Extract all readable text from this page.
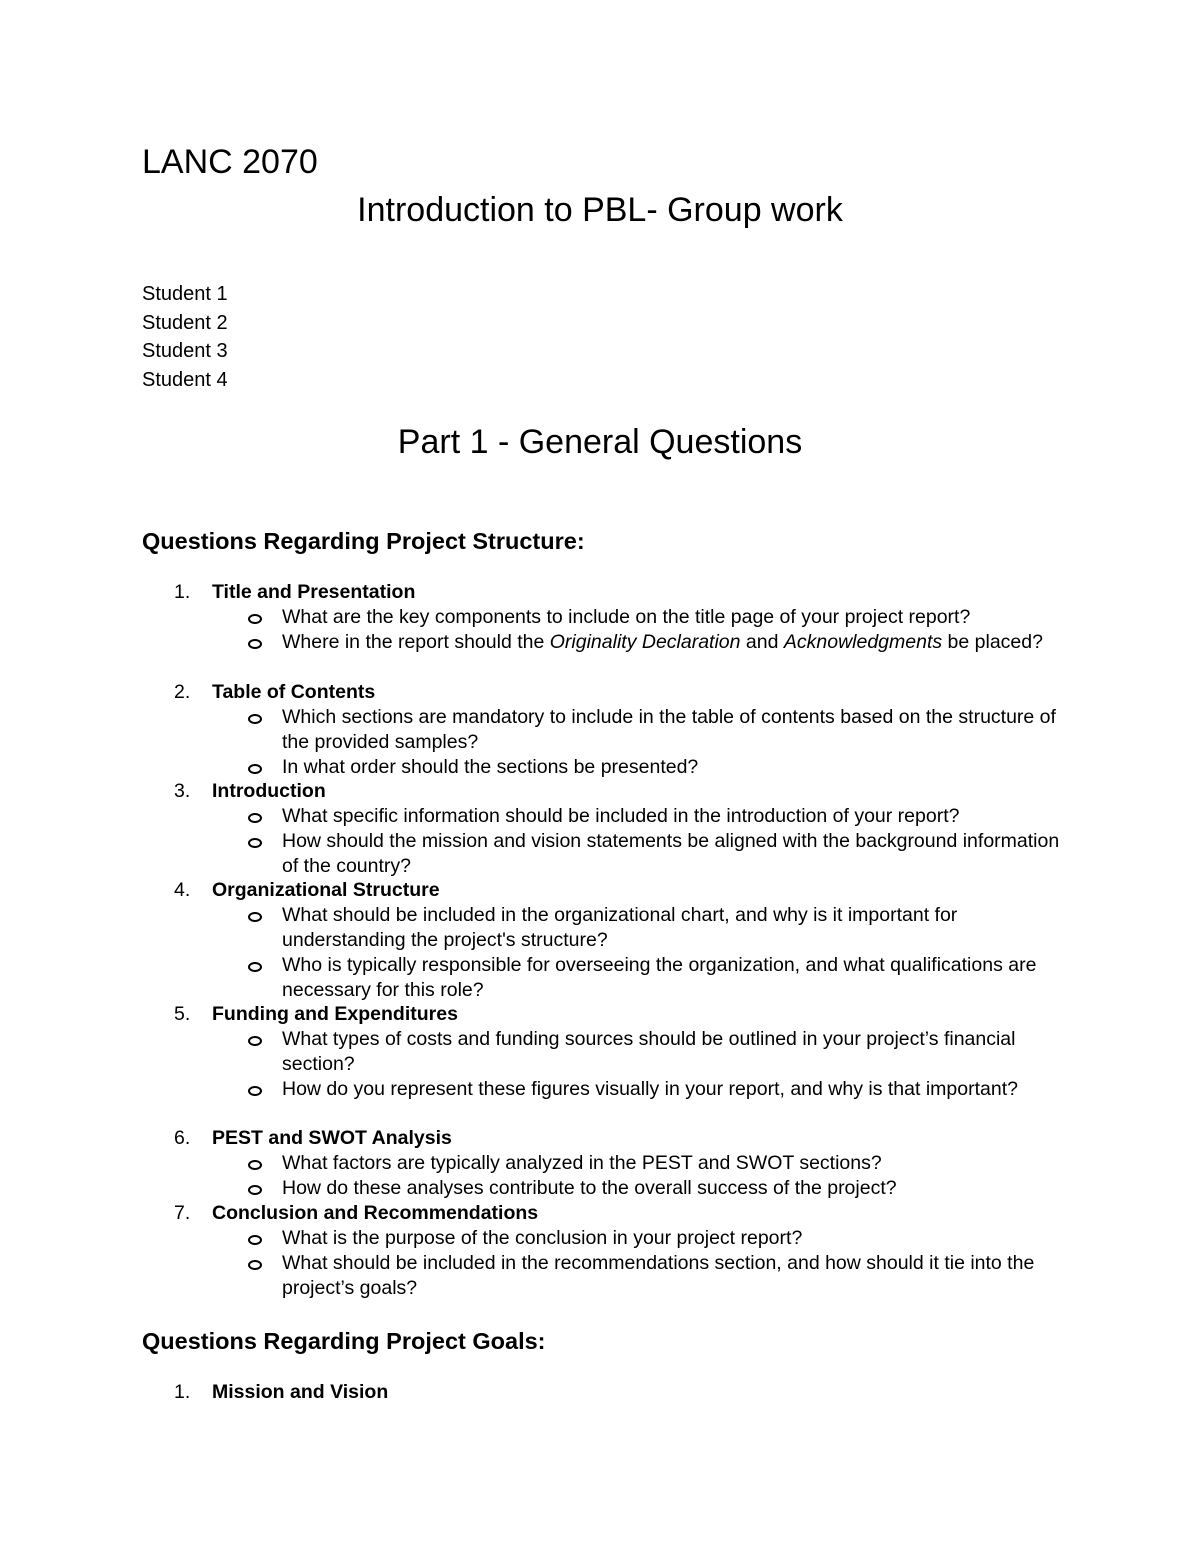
LANC 2070
Introduction to PBL- Group work
Student 1
Student 2
Student 3
Student 4
Part 1 - General Questions
Questions Regarding Project Structure:
1.	Title and Presentation
What are the key components to include on the title page of your project report?
Where in the report should the Originality Declaration and Acknowledgments be placed?
2.	Table of Contents
Which sections are mandatory to include in the table of contents based on the structure of the provided samples?
In what order should the sections be presented?
3.	Introduction
What specific information should be included in the introduction of your report?
How should the mission and vision statements be aligned with the background information of the country?
4.	Organizational Structure
What should be included in the organizational chart, and why is it important for understanding the project's structure?
Who is typically responsible for overseeing the organization, and what qualifications are necessary for this role?
5.	Funding and Expenditures
What types of costs and funding sources should be outlined in your project’s financial section?
How do you represent these figures visually in your report, and why is that important?
6.	PEST and SWOT Analysis
What factors are typically analyzed in the PEST and SWOT sections?
How do these analyses contribute to the overall success of the project?
7.	Conclusion and Recommendations
What is the purpose of the conclusion in your project report?
What should be included in the recommendations section, and how should it tie into the project’s goals?
Questions Regarding Project Goals:
1.	Mission and Vision
